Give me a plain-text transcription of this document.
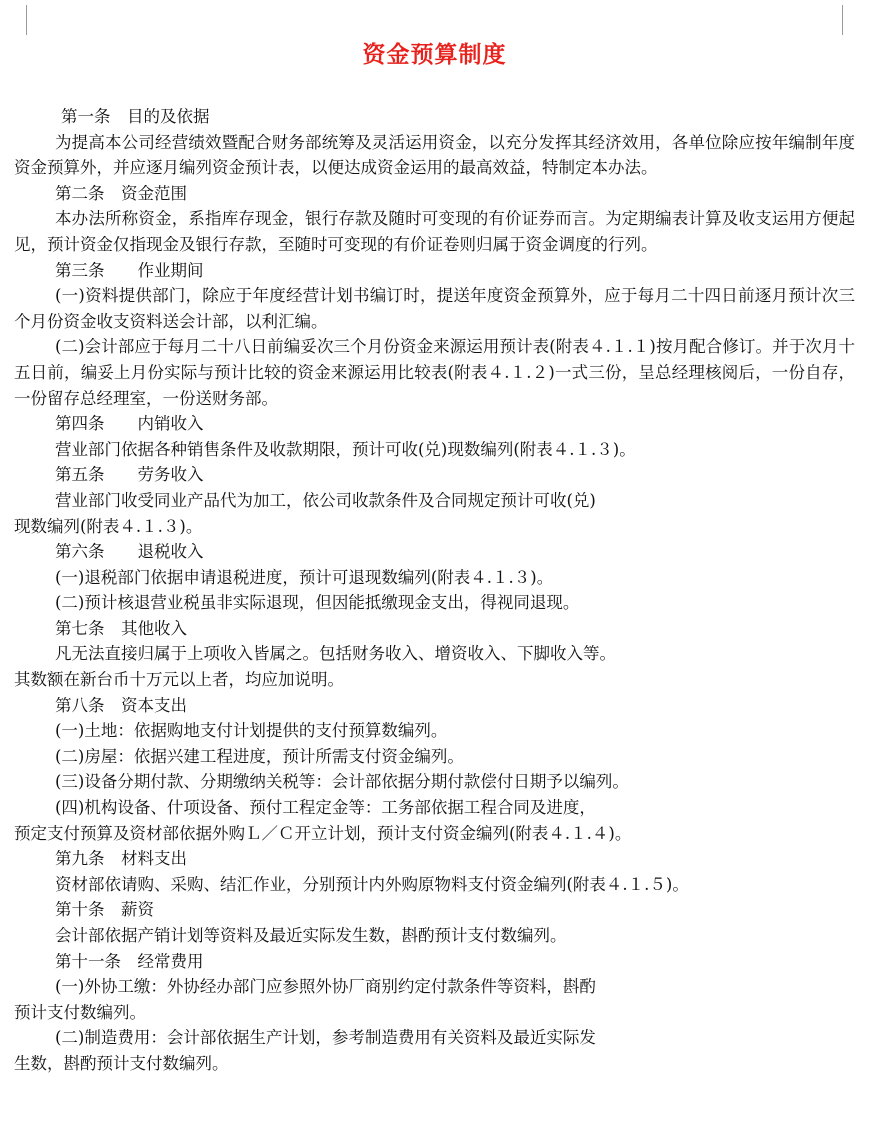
资金预算制度

第一条　目的及依据

为提高本公司经营绩效暨配合财务部统筹及灵活运用资金，以充分发挥其经济效用，各单位除应按年编制年度资金预算外，并应逐月编列资金预计表，以便达成资金运用的最高效益，特制定本办法。

第二条　资金范围

本办法所称资金，系指库存现金，银行存款及随时可变现的有价证券而言。为定期编表计算及收支运用方便起见，预计资金仅指现金及银行存款，至随时可变现的有价证卷则归属于资金调度的行列。

第三条　　作业期间

(一)资料提供部门，除应于年度经营计划书编订时，提送年度资金预算外，应于每月二十四日前逐月预计次三个月份资金收支资料送会计部，以利汇编。

(二)会计部应于每月二十八日前编妥次三个月份资金来源运用预计表(附表４.１.１)按月配合修订。并于次月十五日前，编妥上月份实际与预计比较的资金来源运用比较表(附表４.１.２)一式三份，呈总经理核阅后，一份自存，一份留存总经理室，一份送财务部。

第四条　　内销收入

营业部门依据各种销售条件及收款期限，预计可收(兑)现数编列(附表４.１.３)。

第五条　　劳务收入

营业部门收受同业产品代为加工，依公司收款条件及合同规定预计可收(兑)

现数编列(附表４.１.３)。

第六条　　退税收入

(一)退税部门依据申请退税进度，预计可退现数编列(附表４.１.３)。

(二)预计核退营业税虽非实际退现，但因能抵缴现金支出，得视同退现。

第七条　其他收入

凡无法直接归属于上项收入皆属之。包括财务收入、增资收入、下脚收入等。

其数额在新台币十万元以上者，均应加说明。

第八条　资本支出

(一)土地：依据购地支付计划提供的支付预算数编列。

(二)房屋：依据兴建工程进度，预计所需支付资金编列。

(三)设备分期付款、分期缴纳关税等：会计部依据分期付款偿付日期予以编列。

(四)机构设备、什项设备、预付工程定金等：工务部依据工程合同及进度，

预定支付预算及资材部依据外购Ｌ／Ｃ开立计划，预计支付资金编列(附表４.１.４)。

第九条　材料支出

资材部依请购、采购、结汇作业，分别预计内外购原物料支付资金编列(附表４.１.５)。

第十条　薪资

会计部依据产销计划等资料及最近实际发生数，斟酌预计支付数编列。

第十一条　经常费用

(一)外协工缴：外协经办部门应参照外协厂商别约定付款条件等资料，斟酌

预计支付数编列。

(二)制造费用：会计部依据生产计划，参考制造费用有关资料及最近实际发

生数，斟酌预计支付数编列。
